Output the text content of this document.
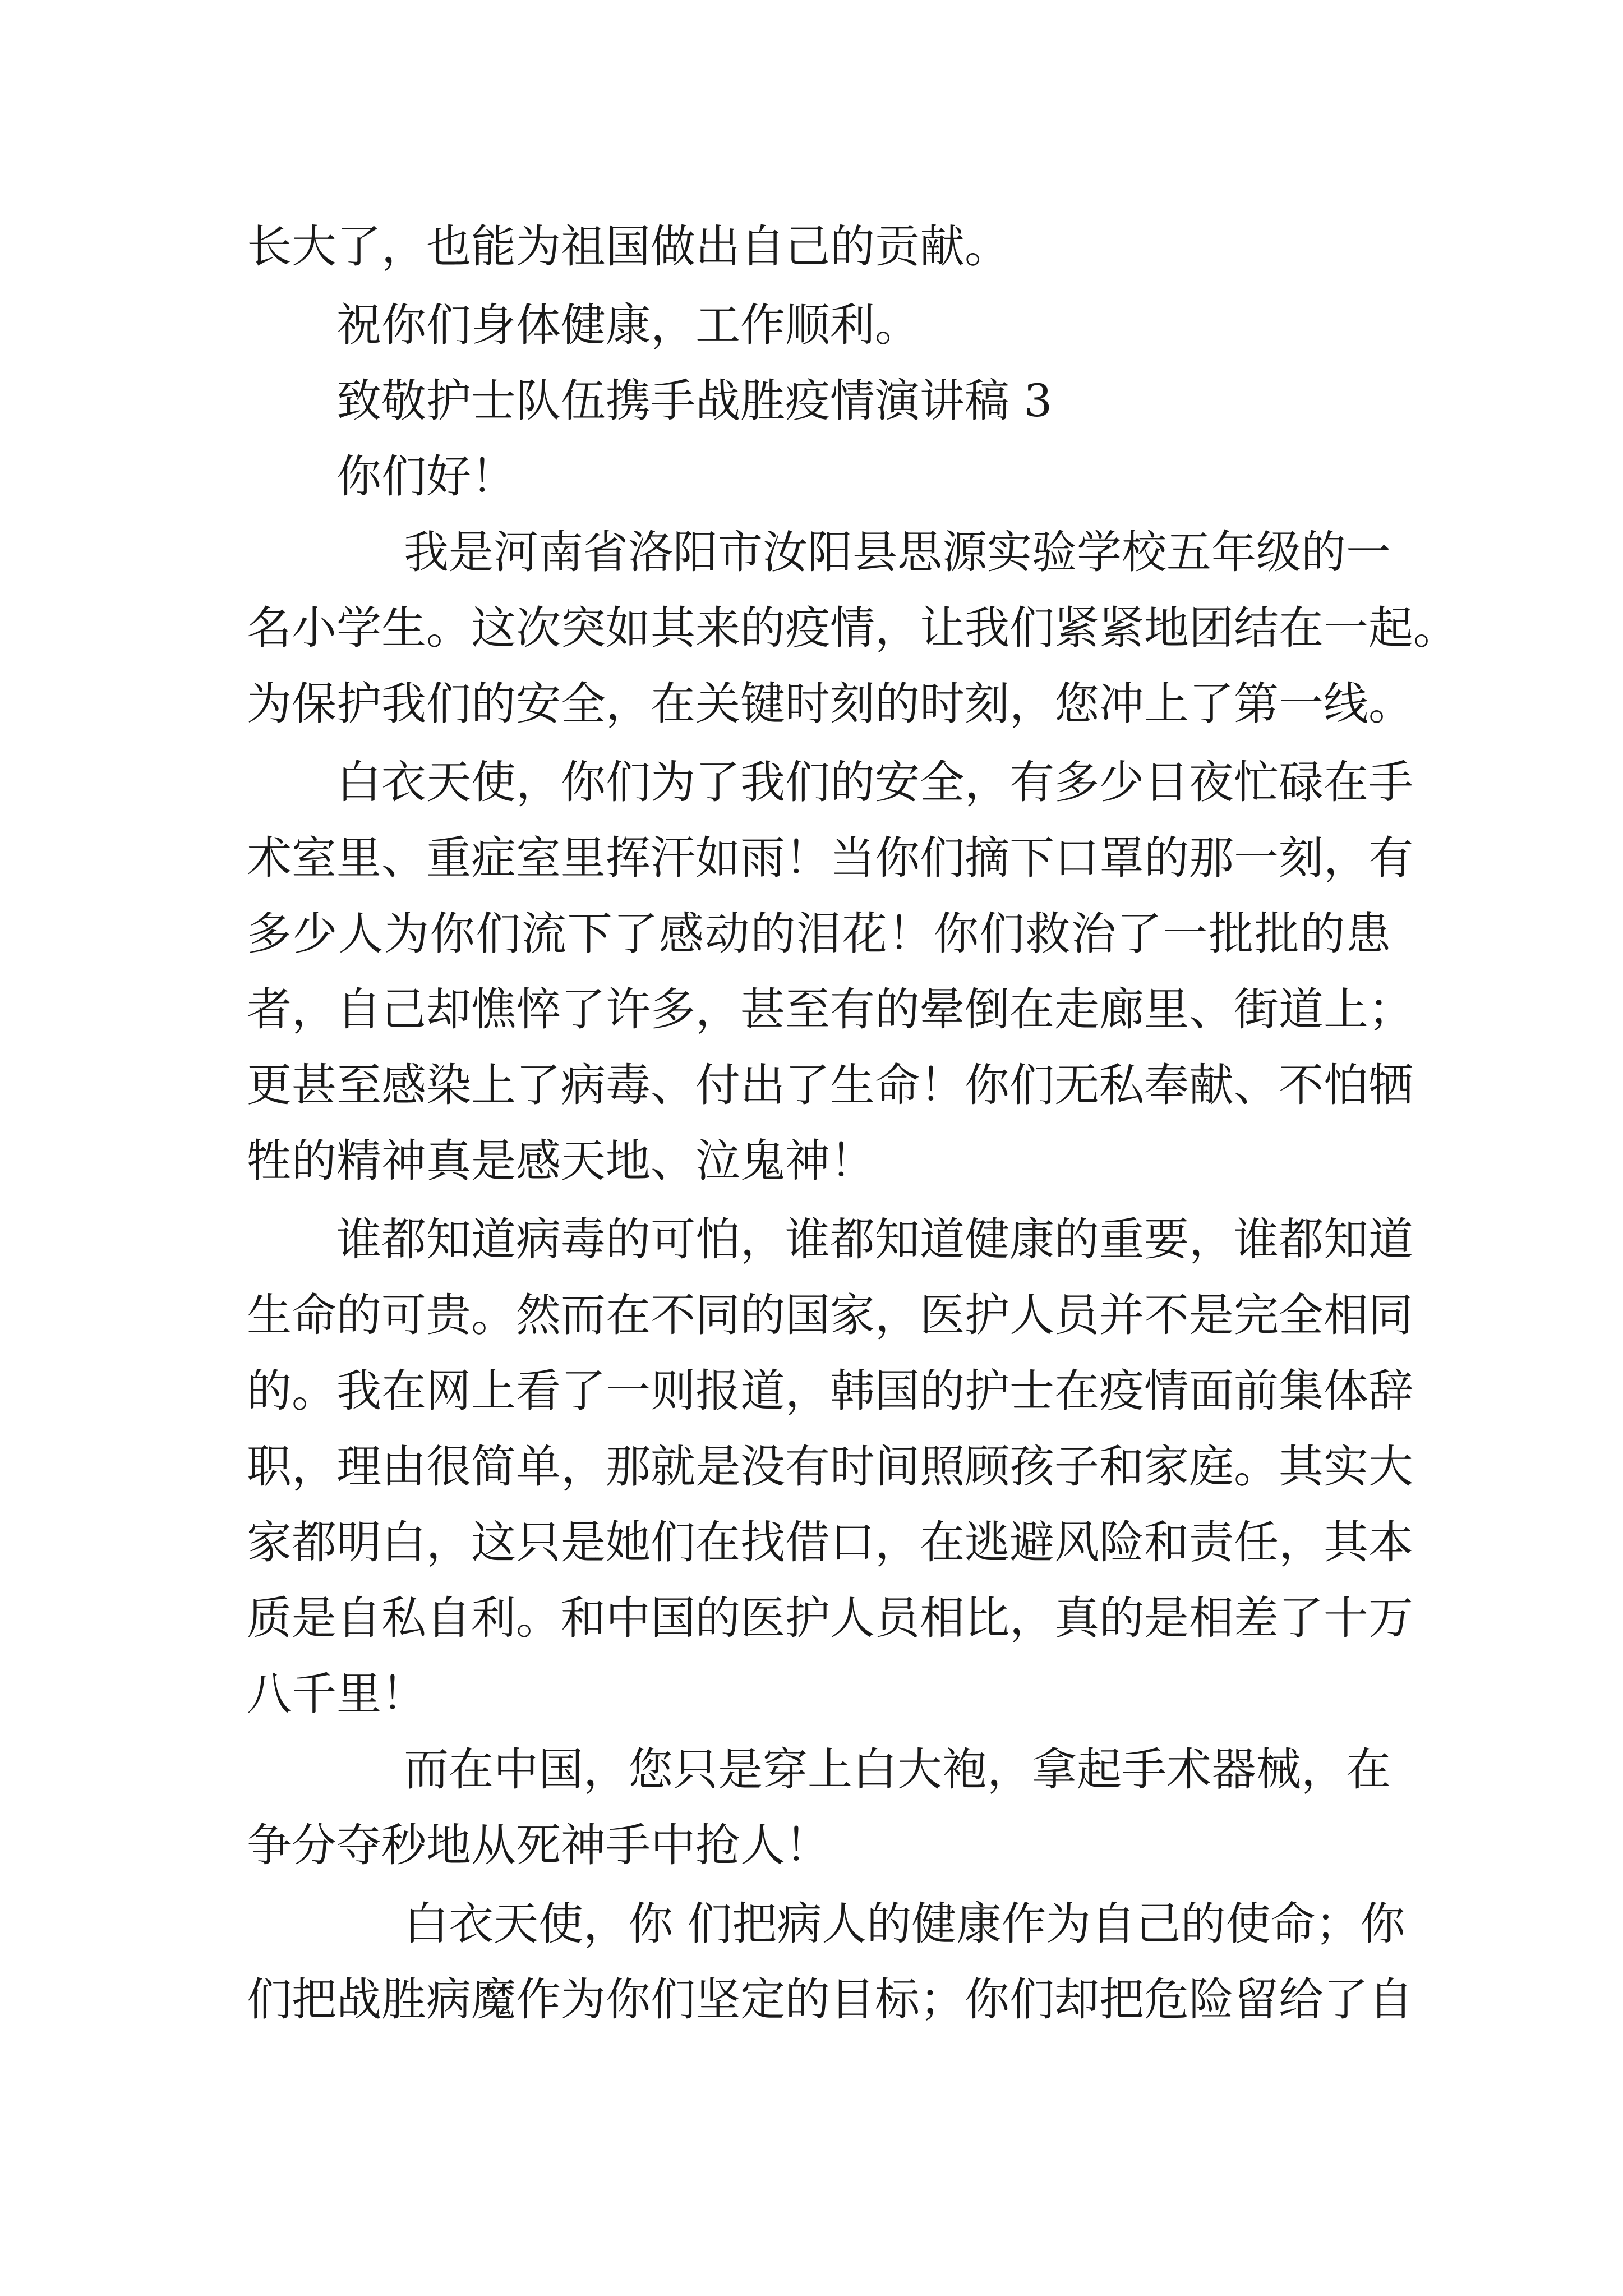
长大了，也能为祖国做出自己的贡献。
祝你们身体健康，工作顺利。
致敬护士队伍携手战胜疫情演讲稿 3
你们好！
我是河南省洛阳市汝阳县思源实验学校五年级的一
名小学生。这次突如其来的疫情，让我们紧紧地团结在一起。
为保护我们的安全，在关键时刻的时刻，您冲上了第一线。
白衣天使，你们为了我们的安全，有多少日夜忙碌在手
术室里、重症室里挥汗如雨！当你们摘下口罩的那一刻，有
多少人为你们流下了感动的泪花！你们救治了一批批的患
者，自己却憔悴了许多，甚至有的晕倒在走廊里、街道上；
更甚至感染上了病毒、付出了生命！你们无私奉献、不怕牺
牲的精神真是感天地、泣鬼神！
谁都知道病毒的可怕，谁都知道健康的重要，谁都知道
生命的可贵。然而在不同的国家，医护人员并不是完全相同
的。我在网上看了一则报道，韩国的护士在疫情面前集体辞
职，理由很简单，那就是没有时间照顾孩子和家庭。其实大
家都明白，这只是她们在找借口，在逃避风险和责任，其本
质是自私自利。和中国的医护人员相比，真的是相差了十万
八千里！
而在中国，您只是穿上白大袍，拿起手术器械，在
争分夺秒地从死神手中抢人！
白衣天使，你 们把病人的健康作为自己的使命；你
们把战胜病魔作为你们坚定的目标；你们却把危险留给了自
